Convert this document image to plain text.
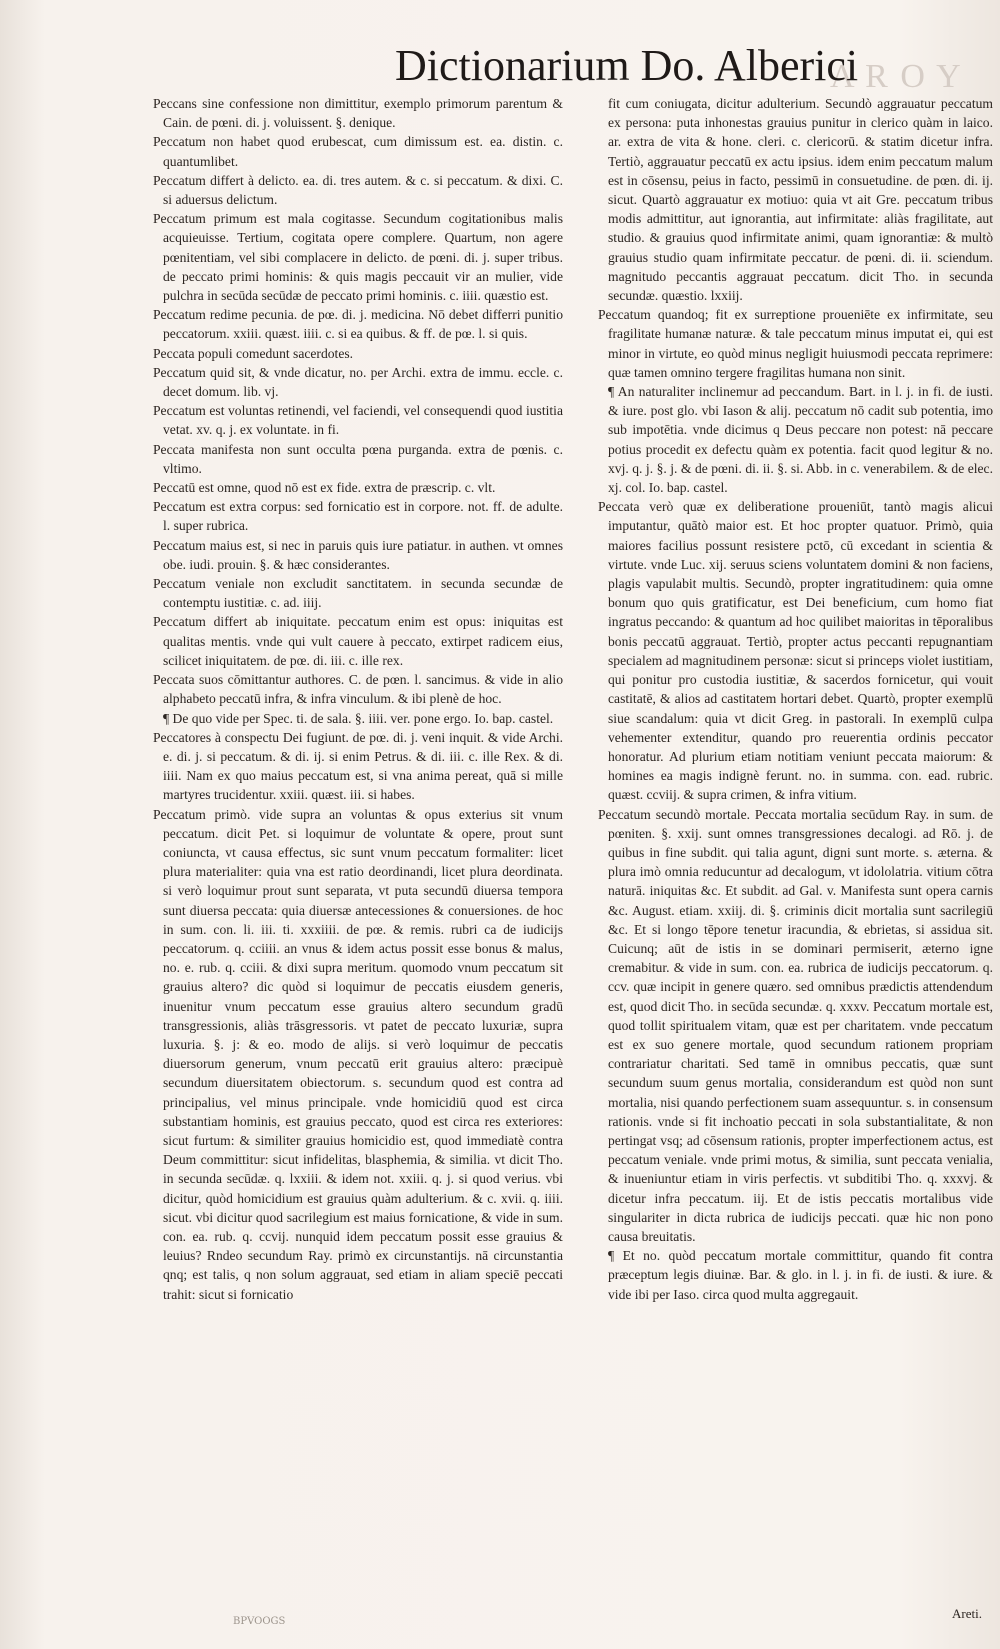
A R O Y
Dictionarium Do. Alberici

Peccans sine confessione non dimittitur, exemplo primorum parentum & Cain. de pœni. di. j. voluissent. §. denique.

Peccatum non habet quod erubescat, cum dimissum est. ea. distin. c. quantumlibet.

Peccatum differt à delicto. ea. di. tres autem. & c. si peccatum. & dixi. C. si aduersus delictum.

Peccatum primum est mala cogitasse. Secundum cogitationibus malis acquieuisse. Tertium, cogitata opere complere. Quartum, non agere pœnitentiam, vel sibi complacere in delicto. de pœni. di. j. super tribus. de peccato primi hominis: & quis magis peccauit vir an mulier, vide pulchra in secūda secūdæ de peccato primi hominis. c. iiii. quæstio est.

Peccatum redime pecunia. de pœ. di. j. medicina. Nō debet differri punitio peccatorum. xxiii. quæst. iiii. c. si ea quibus. & ff. de pœ. l. si quis.

Peccata populi comedunt sacerdotes.

Peccatum quid sit, & vnde dicatur, no. per Archi. extra de immu. eccle. c. decet domum. lib. vj.

Peccatum est voluntas retinendi, vel faciendi, vel consequendi quod iustitia vetat. xv. q. j. ex voluntate. in fi.

Peccata manifesta non sunt occulta pœna purganda. extra de pœnis. c. vltimo.

Peccatū est omne, quod nō est ex fide. extra de præscrip. c. vlt.

Peccatum est extra corpus: sed fornicatio est in corpore. not. ff. de adulte. l. super rubrica.

Peccatum maius est, si nec in paruis quis iure patiatur. in authen. vt omnes obe. iudi. prouin. §. & hæc considerantes.

Peccatum veniale non excludit sanctitatem. in secunda secundæ de contemptu iustitiæ. c. ad. iiij.

Peccatum differt ab iniquitate. peccatum enim est opus: iniquitas est qualitas mentis. vnde qui vult cauere à peccato, extirpet radicem eius, scilicet iniquitatem. de pœ. di. iii. c. ille rex.

Peccata suos cōmittantur authores. C. de pœn. l. sancimus. & vide in alio alphabeto peccatū infra, & infra vinculum. & ibi plenè de hoc.

¶ De quo vide per Spec. ti. de sala. §. iiii. ver. pone ergo. Io. bap. castel.

Peccatores à conspectu Dei fugiunt. de pœ. di. j. veni inquit. & vide Archi. e. di. j. si peccatum. & di. ij. si enim Petrus. & di. iii. c. ille Rex. & di. iiii. Nam ex quo maius peccatum est, si vna anima pereat, quā si mille martyres trucidentur. xxiii. quæst. iii. si habes.

Peccatum primò. vide supra an voluntas & opus exterius sit vnum peccatum. dicit Pet. si loquimur de voluntate & opere, prout sunt coniuncta, vt causa effectus, sic sunt vnum peccatum formaliter: licet plura materialiter: quia vna est ratio deordinandi, licet plura deordinata. si verò loquimur prout sunt separata, vt puta secundū diuersa tempora sunt diuersa peccata: quia diuersæ antecessiones & conuersiones. de hoc in sum. con. li. iii. ti. xxxiiii. de pœ. & remis. rubri ca de iudicijs peccatorum. q. cciiii. an vnus & idem actus possit esse bonus & malus, no. e. rub. q. cciii. & dixi supra meritum. quomodo vnum peccatum sit grauius altero? dic quòd si loquimur de peccatis eiusdem generis, inuenitur vnum peccatum esse grauius altero secundum gradū transgressionis, aliàs trāsgressoris. vt patet de peccato luxuriæ, supra luxuria. §. j: & eo. modo de alijs. si verò loquimur de peccatis diuersorum generum, vnum peccatū erit grauius altero: præcipuè secundum diuersitatem obiectorum. s. secundum quod est contra ad principalius, vel minus principale. vnde homicidiū quod est circa substantiam hominis, est grauius peccato, quod est circa res exteriores: sicut furtum: & similiter grauius homicidio est, quod immediatè contra Deum committitur: sicut infidelitas, blasphemia, & similia. vt dicit Tho. in secunda secūdæ. q. lxxiii. & idem not. xxiii. q. j. si quod verius. vbi dicitur, quòd homicidium est grauius quàm adulterium. & c. xvii. q. iiii. sicut. vbi dicitur quod sacrilegium est maius fornicatione, & vide in sum. con. ea. rub. q. ccvij. nunquid idem peccatum possit esse grauius & leuius? Rndeo secundum Ray. primò ex circunstantijs. nā circunstantia qnq; est talis, q non solum aggrauat, sed etiam in aliam speciē peccati trahit: sicut si fornicatio

fit cum coniugata, dicitur adulterium. Secundò aggrauatur peccatum ex persona: puta inhonestas grauius punitur in clerico quàm in laico. ar. extra de vita & hone. cleri. c. clericorū. & statim dicetur infra. Tertiò, aggrauatur peccatū ex actu ipsius. idem enim peccatum malum est in cōsensu, peius in facto, pessimū in consuetudine. de pœn. di. ij. sicut. Quartò aggrauatur ex motiuo: quia vt ait Gre. peccatum tribus modis admittitur, aut ignorantia, aut infirmitate: aliàs fragilitate, aut studio. & grauius quod infirmitate animi, quam ignorantiæ: & multò grauius studio quam infirmitate peccatur. de pœni. di. ii. sciendum. magnitudo peccantis aggrauat peccatum. dicit Tho. in secunda secundæ. quæstio. lxxiij.

Peccatum quandoq; fit ex surreptione proueniēte ex infirmitate, seu fragilitate humanæ naturæ. & tale peccatum minus imputat ei, qui est minor in virtute, eo quòd minus negligit huiusmodi peccata reprimere: quæ tamen omnino tergere fragilitas humana non sinit.

¶ An naturaliter inclinemur ad peccandum. Bart. in l. j. in fi. de iusti. & iure. post glo. vbi Iason & alij. peccatum nō cadit sub potentia, imo sub impotētia. vnde dicimus q Deus peccare non potest: nā peccare potius procedit ex defectu quàm ex potentia. facit quod legitur & no. xvj. q. j. §. j. & de pœni. di. ii. §. si. Abb. in c. venerabilem. & de elec. xj. col. Io. bap. castel.

Peccata verò quæ ex deliberatione proueniūt, tantò magis alicui imputantur, quātò maior est. Et hoc propter quatuor. Primò, quia maiores facilius possunt resistere pctō, cū excedant in scientia & virtute. vnde Luc. xij. seruus sciens voluntatem domini & non faciens, plagis vapulabit multis. Secundò, propter ingratitudinem: quia omne bonum quo quis gratificatur, est Dei beneficium, cum homo fiat ingratus peccando: & quantum ad hoc quilibet maioritas in tēporalibus bonis peccatū aggrauat. Tertiò, propter actus peccanti repugnantiam specialem ad magnitudinem personæ: sicut si princeps violet iustitiam, qui ponitur pro custodia iustitiæ, & sacerdos fornicetur, qui vouit castitatē, & alios ad castitatem hortari debet. Quartò, propter exemplū siue scandalum: quia vt dicit Greg. in pastorali. In exemplū culpa vehementer extenditur, quando pro reuerentia ordinis peccator honoratur. Ad plurium etiam notitiam veniunt peccata maiorum: & homines ea magis indignè ferunt. no. in summa. con. ead. rubric. quæst. ccviij. & supra crimen, & infra vitium.

Peccatum secundò mortale. Peccata mortalia secūdum Ray. in sum. de pœniten. §. xxij. sunt omnes transgressiones decalogi. ad Rō. j. de quibus in fine subdit. qui talia agunt, digni sunt morte. s. æterna. & plura imò omnia reducuntur ad decalogum, vt idololatria. vitium cōtra naturā. iniquitas &c. Et subdit. ad Gal. v. Manifesta sunt opera carnis &c. August. etiam. xxiij. di. §. criminis dicit mortalia sunt sacrilegiū &c. Et si longo tēpore tenetur iracundia, & ebrietas, si assidua sit. Cuicunq; aūt de istis in se dominari permiserit, æterno igne cremabitur. & vide in sum. con. ea. rubrica de iudicijs peccatorum. q. ccv. quæ incipit in genere quæro. sed omnibus prædictis attendendum est, quod dicit Tho. in secūda secundæ. q. xxxv. Peccatum mortale est, quod tollit spiritualem vitam, quæ est per charitatem. vnde peccatum est ex suo genere mortale, quod secundum rationem propriam contrariatur charitati. Sed tamē in omnibus peccatis, quæ sunt secundum suum genus mortalia, considerandum est quòd non sunt mortalia, nisi quando perfectionem suam assequuntur. s. in consensum rationis. vnde si fit inchoatio peccati in sola substantialitate, & non pertingat vsq; ad cōsensum rationis, propter imperfectionem actus, est peccatum veniale. vnde primi motus, & similia, sunt peccata venialia, & inueniuntur etiam in viris perfectis. vt subditibi Tho. q. xxxvj. & dicetur infra peccatum. iij. Et de istis peccatis mortalibus vide singulariter in dicta rubrica de iudicijs peccati. quæ hic non pono causa breuitatis.

¶ Et no. quòd peccatum mortale committitur, quando fit contra præceptum legis diuinæ. Bar. & glo. in l. j. in fi. de iusti. & iure. & vide ibi per Iaso. circa quod multa aggregauit.

Areti.
BPVOOGS
